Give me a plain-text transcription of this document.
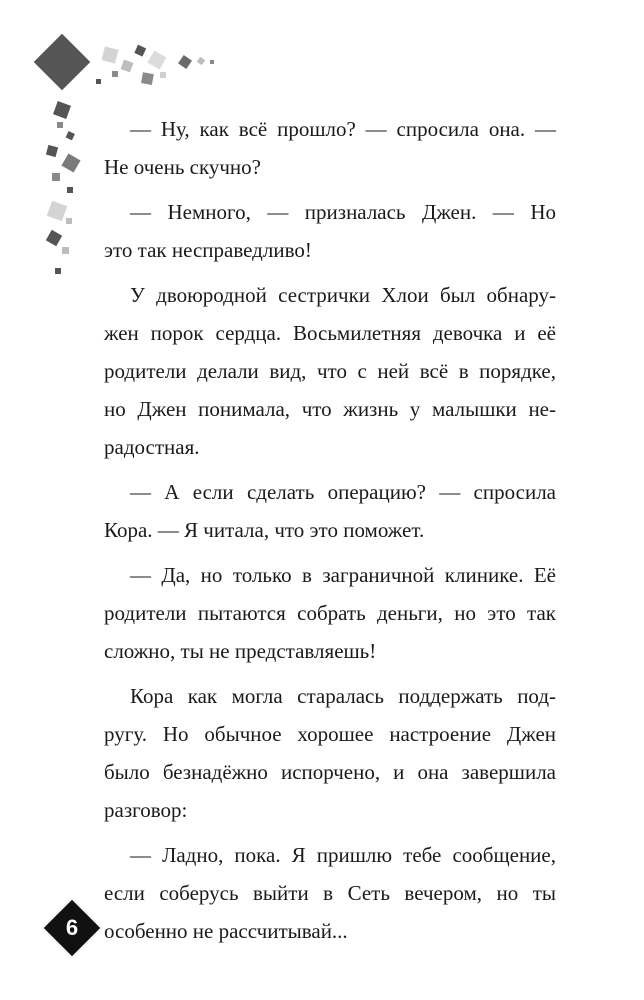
— Ну, как всё прошло? — спросила она. —
Не очень скучно?

— Немного, — призналась Джен. — Но
это так несправедливо!

У двоюродной сестрички Хлои был обнару-
жен порок сердца. Восьмилетняя девочка и её
родители делали вид, что с ней всё в порядке,
но Джен понимала, что жизнь у малышки не-
радостная.

— А если сделать операцию? — спросила
Кора. — Я читала, что это поможет.

— Да, но только в заграничной клинике. Её
родители пытаются собрать деньги, но это так
сложно, ты не представляешь!

Кора как могла старалась поддержать под-
ругу. Но обычное хорошее настроение Джен
было безнадёжно испорчено, и она завершила
разговор:

— Ладно, пока. Я пришлю тебе сообщение,
если соберусь выйти в Сеть вечером, но ты
особенно не рассчитывай...

6
